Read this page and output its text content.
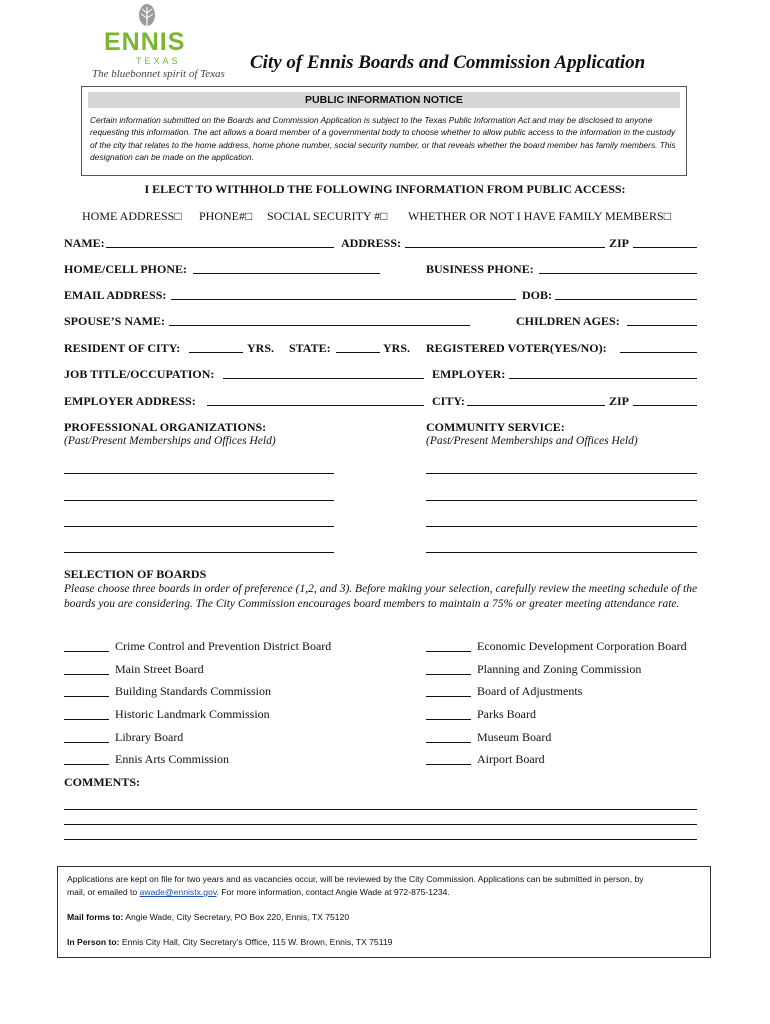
ENNIS
TEXAS
The bluebonnet spirit of Texas
City of Ennis Boards and Commission Application
PUBLIC INFORMATION NOTICE
Certain information submitted on the Boards and Commission Application is subject to the Texas Public Information Act and may be disclosed to anyone requesting this information. The act allows a board member of a governmental body to choose whether to allow public access to the information in the custody of the city that relates to the home address, home phone number, social security number, or that reveals whether the board member has family members. This designation can be made on the application.
I ELECT TO WITHHOLD THE FOLLOWING INFORMATION FROM PUBLIC ACCESS:
HOME ADDRESS□ PHONE#□ SOCIAL SECURITY #□ WHETHER OR NOT I HAVE FAMILY MEMBERS□
NAME:	ADDRESS:	ZIP
HOME/CELL PHONE:	BUSINESS PHONE:
EMAIL ADDRESS:	DOB:
SPOUSE’S NAME:	CHILDREN AGES:
RESIDENT OF CITY:	YRS. STATE:	YRS. REGISTERED VOTER(YES/NO):
JOB TITLE/OCCUPATION:	EMPLOYER:
EMPLOYER ADDRESS:	CITY:	ZIP
PROFESSIONAL ORGANIZATIONS:
(Past/Present Memberships and Offices Held)
COMMUNITY SERVICE:
(Past/Present Memberships and Offices Held)
SELECTION OF BOARDS
Please choose three boards in order of preference (1,2, and 3). Before making your selection, carefully review the meeting schedule of the boards you are considering. The City Commission encourages board members to maintain a 75% or greater meeting attendance rate.
Crime Control and Prevention District Board
Main Street Board
Building Standards Commission
Historic Landmark Commission
Library Board
Ennis Arts Commission
Economic Development Corporation Board
Planning and Zoning Commission
Board of Adjustments
Parks Board
Museum Board
Airport Board
COMMENTS:
Applications are kept on file for two years and as vacancies occur, will be reviewed by the City Commission. Applications can be submitted in person, by
mail, or emailed to awade@ennistx.gov. For more information, contact Angie Wade at 972-875-1234.
Mail forms to: Angie Wade, City Secretary, PO Box 220, Ennis, TX 75120
In Person to: Ennis City Hall, City Secretary’s Office, 115 W. Brown, Ennis, TX 75119
